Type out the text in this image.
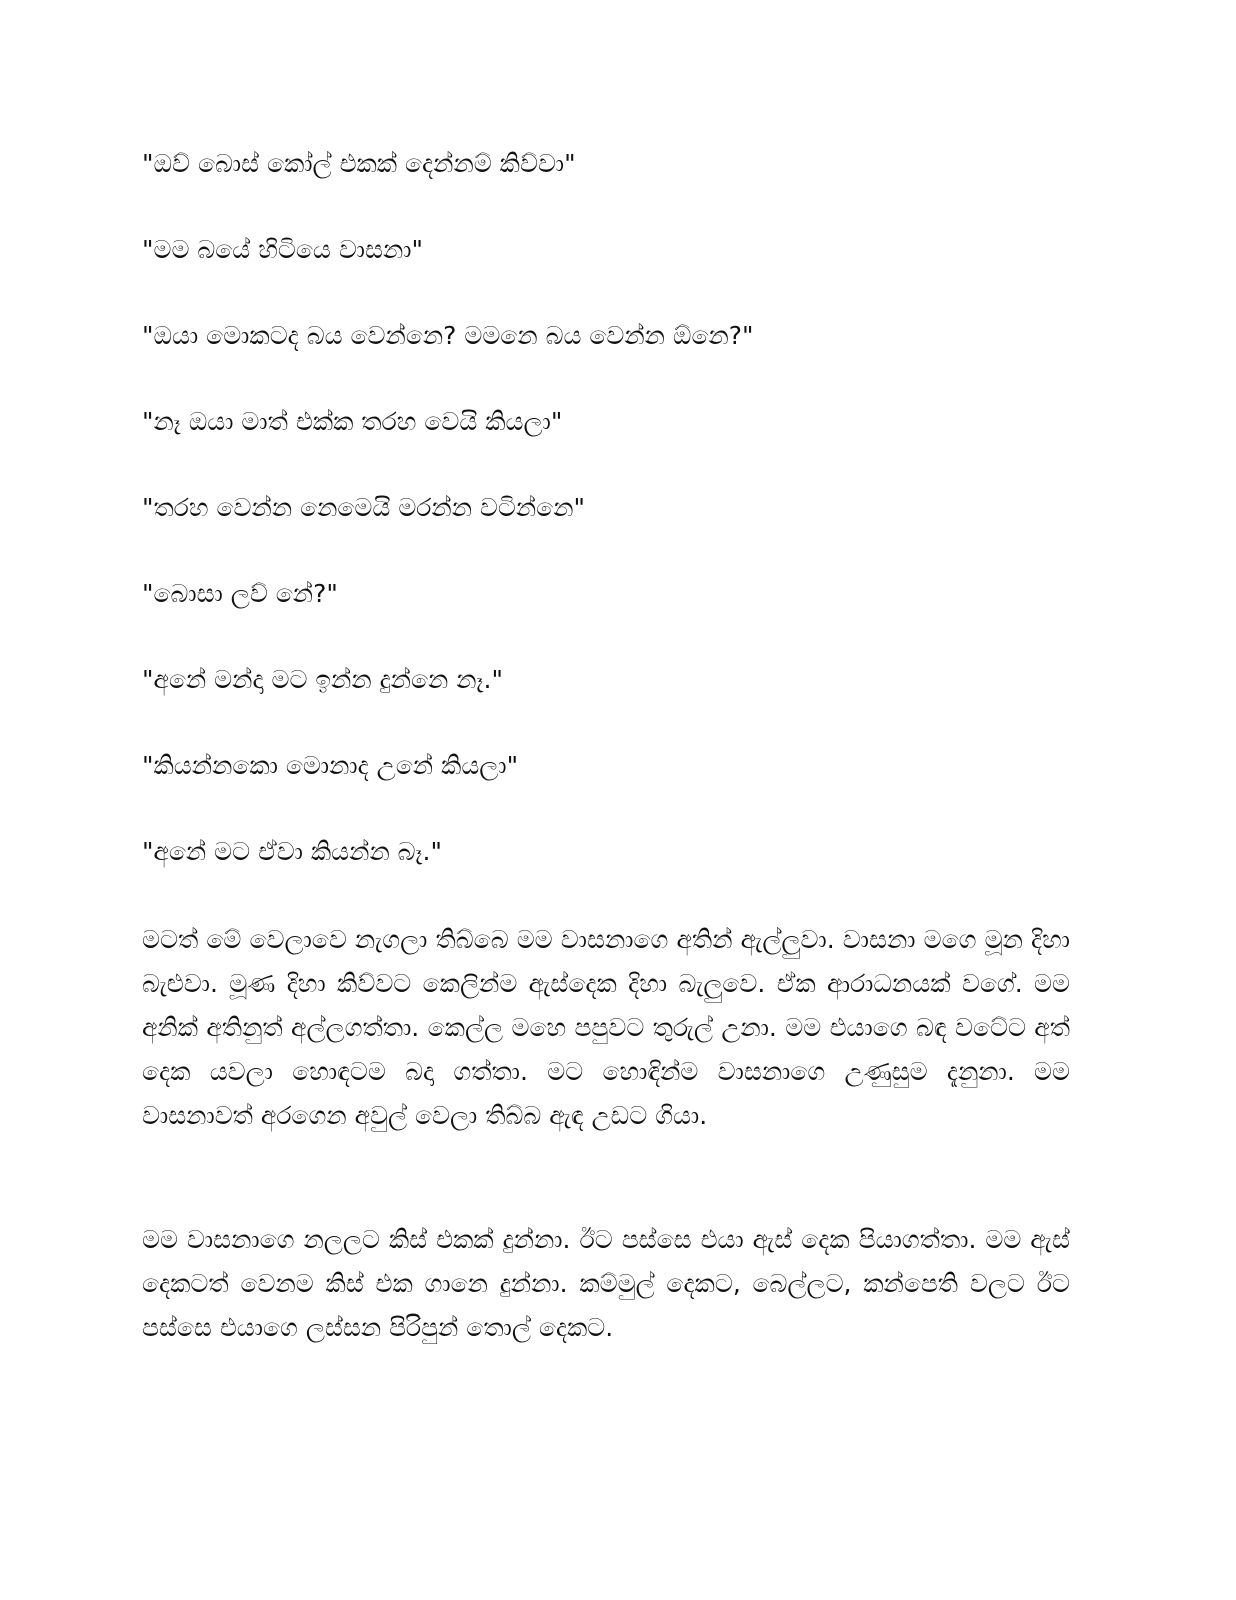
"ඔව් බොස් කෝල් එකක් දෙන්නම් කිව්වා"

"මම බයේ හිටියෙ වාසනා"

"ඔයා මොකටද බය වෙන්නෙ? මමනෙ බය වෙන්න ඕනෙ?"

"නෑ ඔයා මාත් එක්ක තරහ වෙයි කියලා"

"තරහ වෙන්න නෙමෙයි මරන්න වටින්නෙ"

"බොසා ලව් නේ?"

"අනේ මන්දා මට ඉන්න දුන්නෙ නෑ."

"කියන්නකො මොනාද උනේ කියලා"

"අනේ මට ඒවා කියන්න බෑ."

මටත් මේ වෙලාවෙ නැගලා තිබ්බෙ මම වාසනාගෙ අතින් ඇල්ලුවා. වාසනා මගෙ මූන දිහා බැළුවා. මූණ දිහා කිව්වට කෙලින්ම ඇස්දෙක දිහා බැලුවෙ. ඒක ආරාධනයක් වගේ. මම අනික් අතිනුත් අල්ලගත්තා. කෙල්ල මහෙ පපුවට තුරුල් උනා. මම එයාගෙ බඳ වටේට අත් දෙක යවලා හොඳටම බදා ගත්තා. මට හොඳින්ම වාසනාගෙ උණුසුම දැනුනා. මම වාසනාවත් අරගෙන අවුල් වෙලා තිබ්බ ඇඳ උඩට ගියා.

මම වාසනාගෙ නලලට කිස් එකක් දුන්නා. ඊට පස්සෙ එයා ඇස් දෙක පියාගත්තා. මම ඇස් දෙකටත් වෙනම කිස් එක ගානෙ දුන්නා. කම්මුල් දෙකට, බෙල්ලට, කන්පෙති වලට ඊට පස්සෙ එයාගෙ ලස්සන පිරිපුන් තොල් දෙකට.
